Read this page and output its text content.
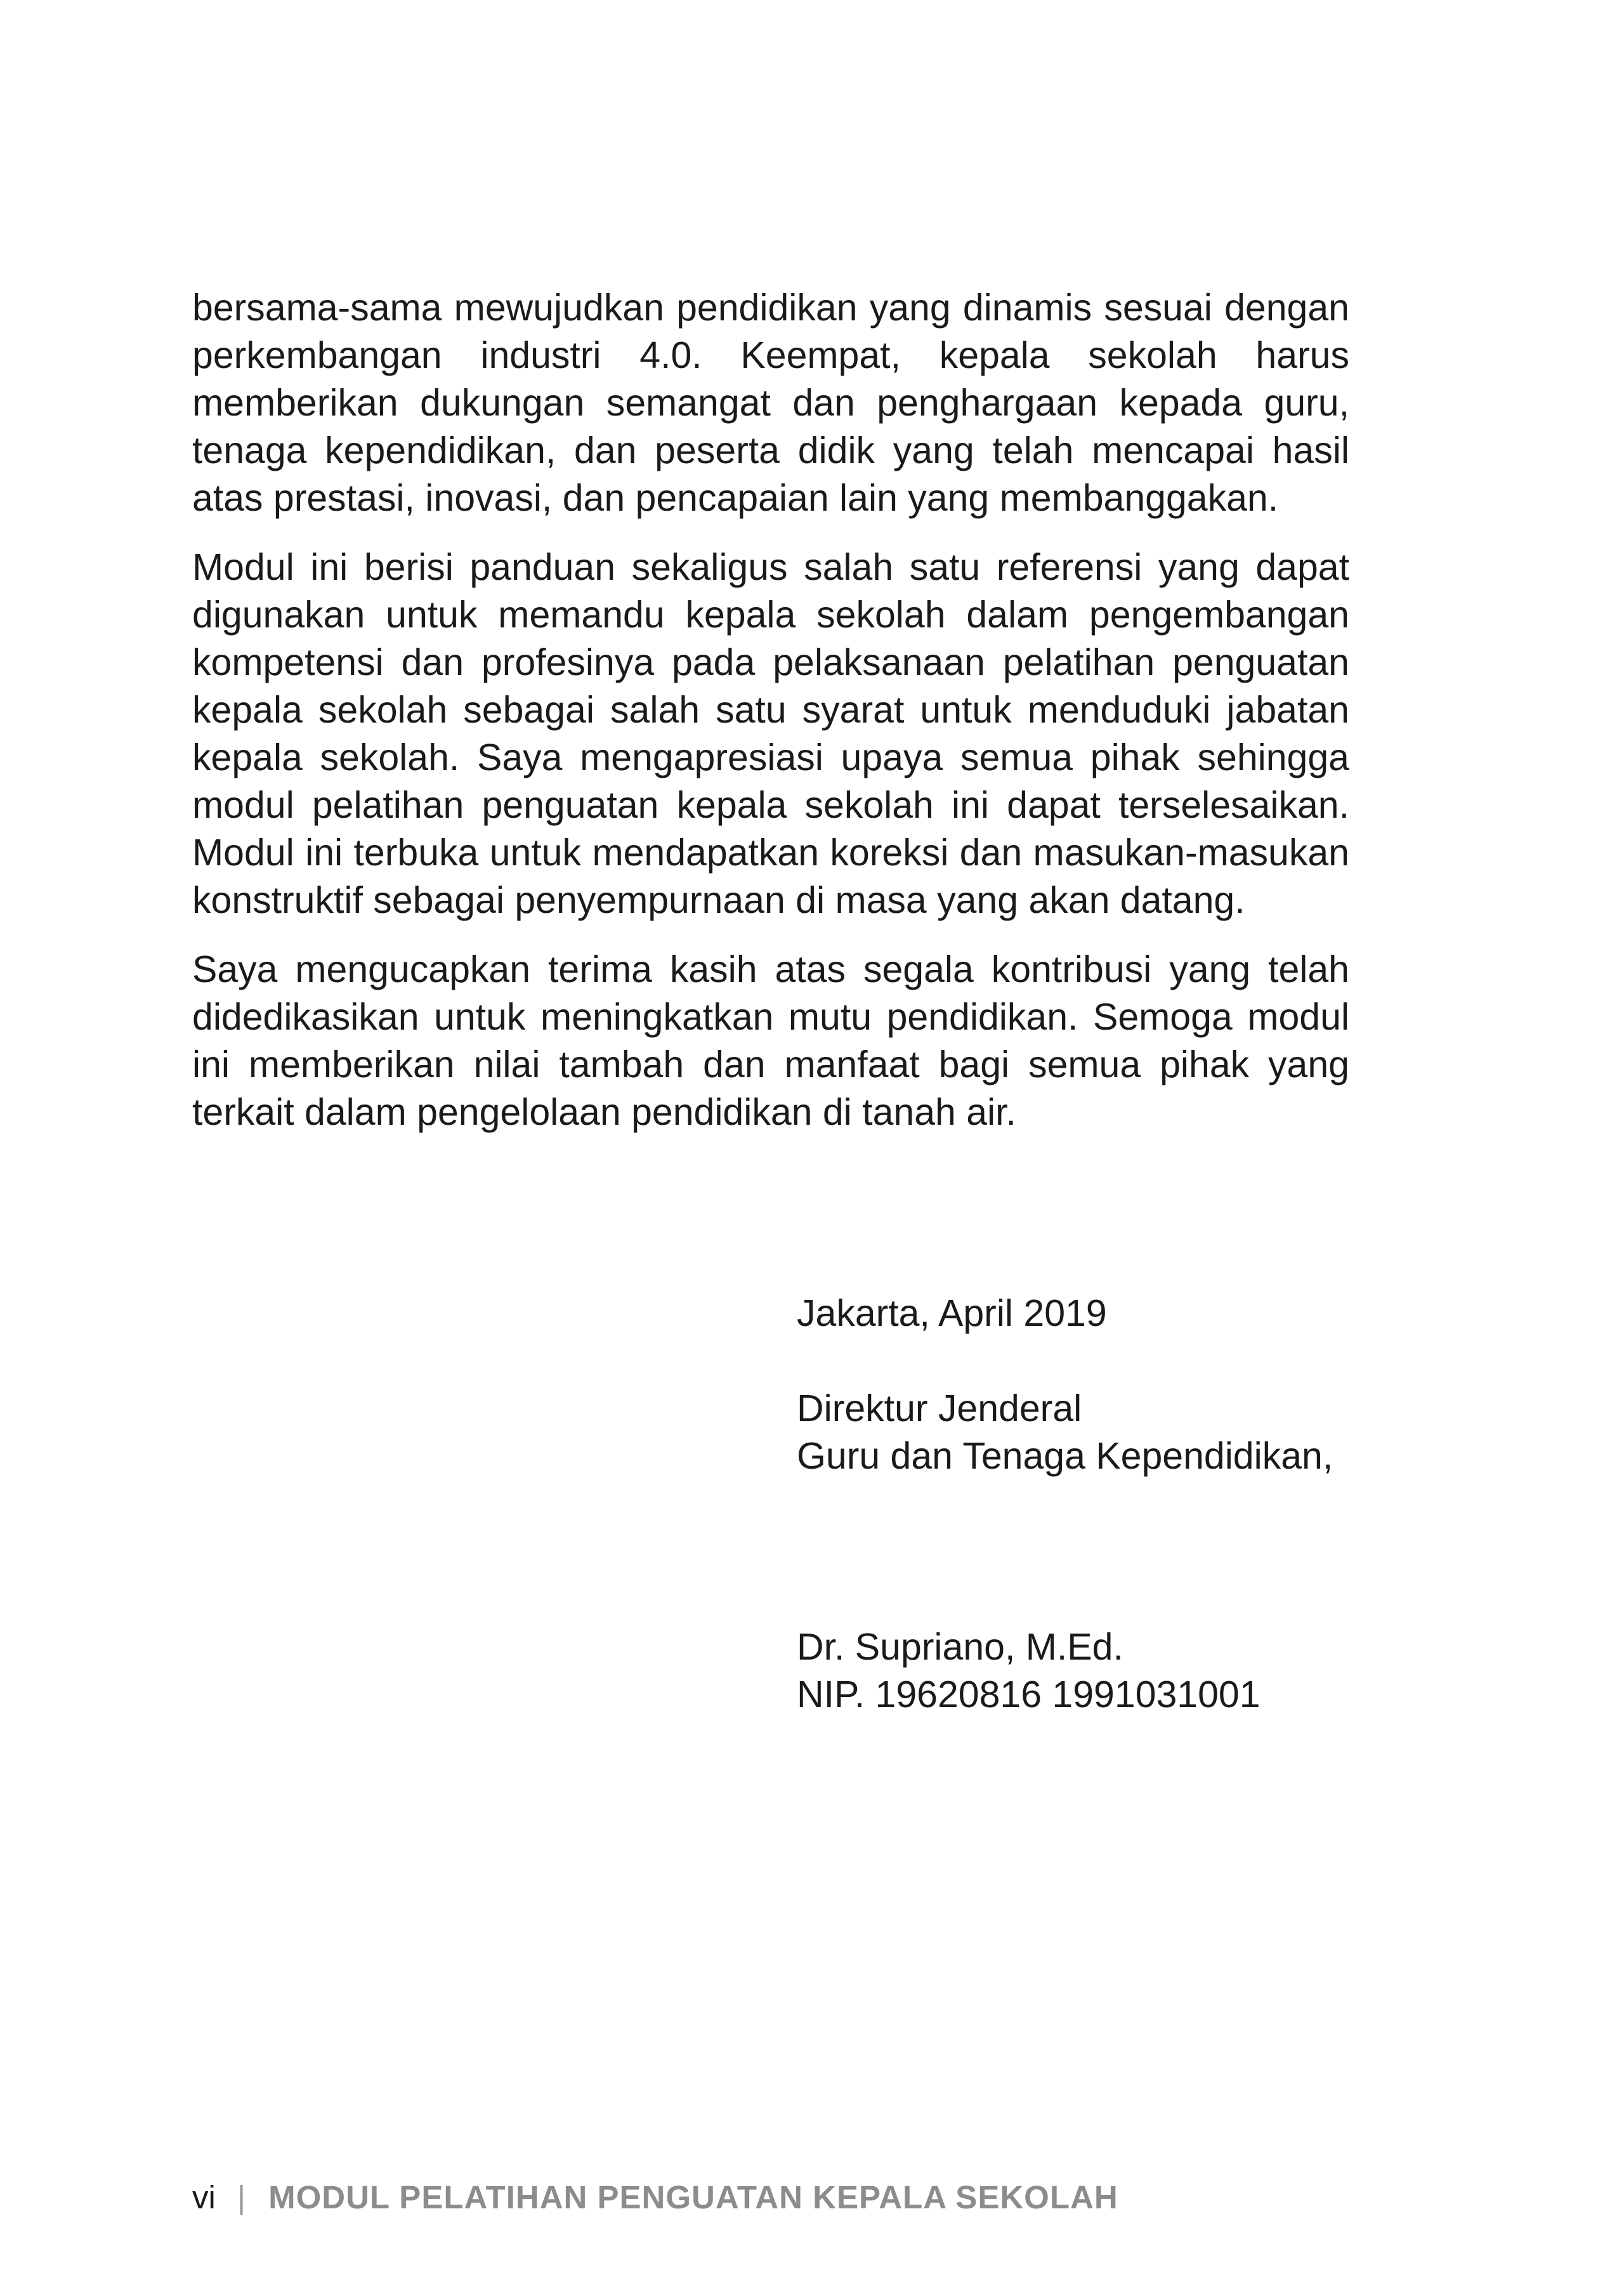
bersama-sama mewujudkan pendidikan yang dinamis sesuai dengan perkembangan industri 4.0. Keempat, kepala sekolah harus memberikan dukungan semangat dan penghargaan kepada guru, tenaga kependidikan, dan peserta didik yang telah mencapai hasil atas prestasi, inovasi, dan pencapaian lain yang membanggakan.

Modul ini berisi panduan sekaligus salah satu referensi yang dapat digunakan untuk memandu kepala sekolah dalam pengembangan kompetensi dan profesinya pada pelaksanaan pelatihan penguatan kepala sekolah sebagai salah satu syarat untuk menduduki jabatan kepala sekolah. Saya mengapresiasi upaya semua pihak sehingga modul pelatihan penguatan kepala sekolah ini dapat terselesaikan. Modul ini terbuka untuk mendapatkan koreksi dan masukan-masukan konstruktif sebagai penyempurnaan di masa yang akan datang.

Saya mengucapkan terima kasih atas segala kontribusi yang telah didedikasikan untuk meningkatkan mutu pendidikan. Semoga modul ini memberikan nilai tambah dan manfaat bagi semua pihak yang terkait dalam pengelolaan pendidikan di tanah air.

Jakarta, April 2019
Direktur Jenderal
Guru dan Tenaga Kependidikan,
Dr. Supriano, M.Ed.
NIP. 19620816 1991031001
vi | MODUL PELATIHAN PENGUATAN KEPALA SEKOLAH
